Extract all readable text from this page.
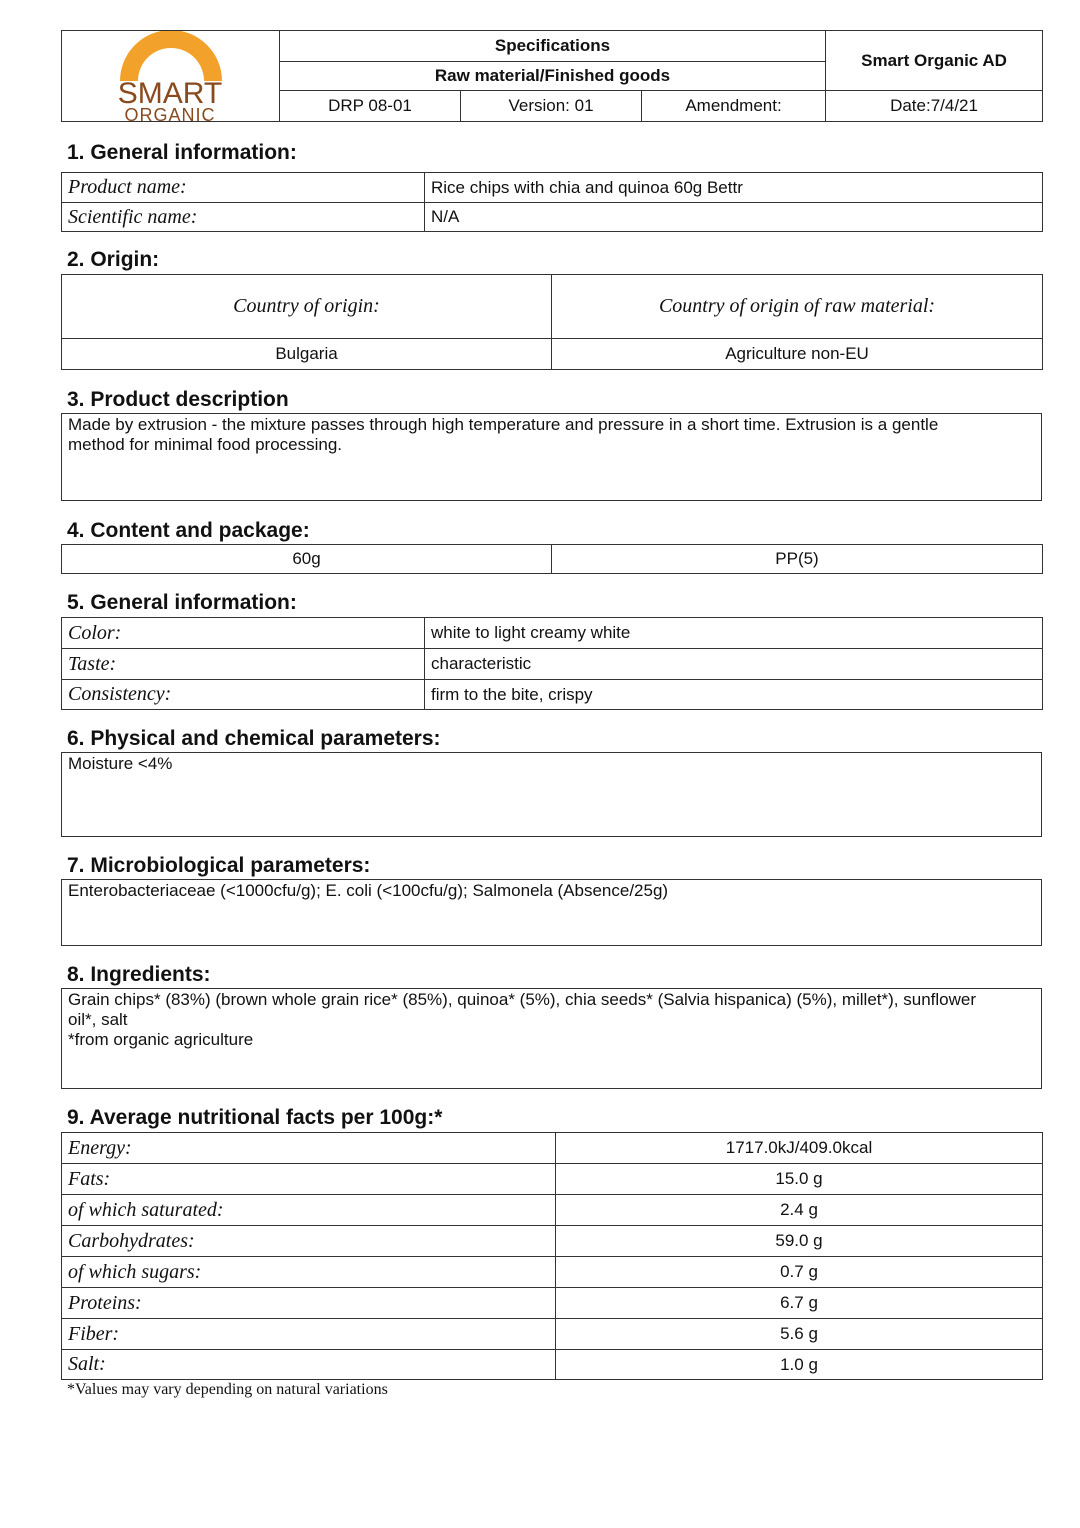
SMART
ORGANIC	Specifications			Smart Organic AD
	Raw material/Finished goods			
	DRP 08-01	Version: 01	Amendment:	Date:7/4/21
1. General information:
Product name:	Rice chips with chia and quinoa 60g Bettr
Scientific name:	N/A
2. Origin:
Country of origin:	Country of origin of raw material:
Bulgaria	Agriculture non-EU
3. Product description
Made by extrusion - the mixture passes through high temperature and pressure in a short time. Extrusion is a gentle
method for minimal food processing.
4. Content and package:
60g	PP(5)
5. General information:
Color:	white to light creamy white
Taste:	characteristic
Consistency:	firm to the bite, crispy
6. Physical and chemical parameters:
Moisture <4%
7. Microbiological parameters:
Enterobacteriaceae (<1000cfu/g); E. coli (<100cfu/g); Salmonela (Absence/25g)
8. Ingredients:
Grain chips* (83%) (brown whole grain rice* (85%), quinoa* (5%), chia seeds* (Salvia hispanica) (5%), millet*), sunflower
oil*, salt
*from organic agriculture
9. Average nutritional facts per 100g:*
Energy:	1717.0kJ/409.0kcal
Fats:	15.0 g
of which saturated:	2.4 g
Carbohydrates:	59.0 g
of which sugars:	0.7 g
Proteins:	6.7 g
Fiber:	5.6 g
Salt:	1.0 g
*Values may vary depending on natural variations
